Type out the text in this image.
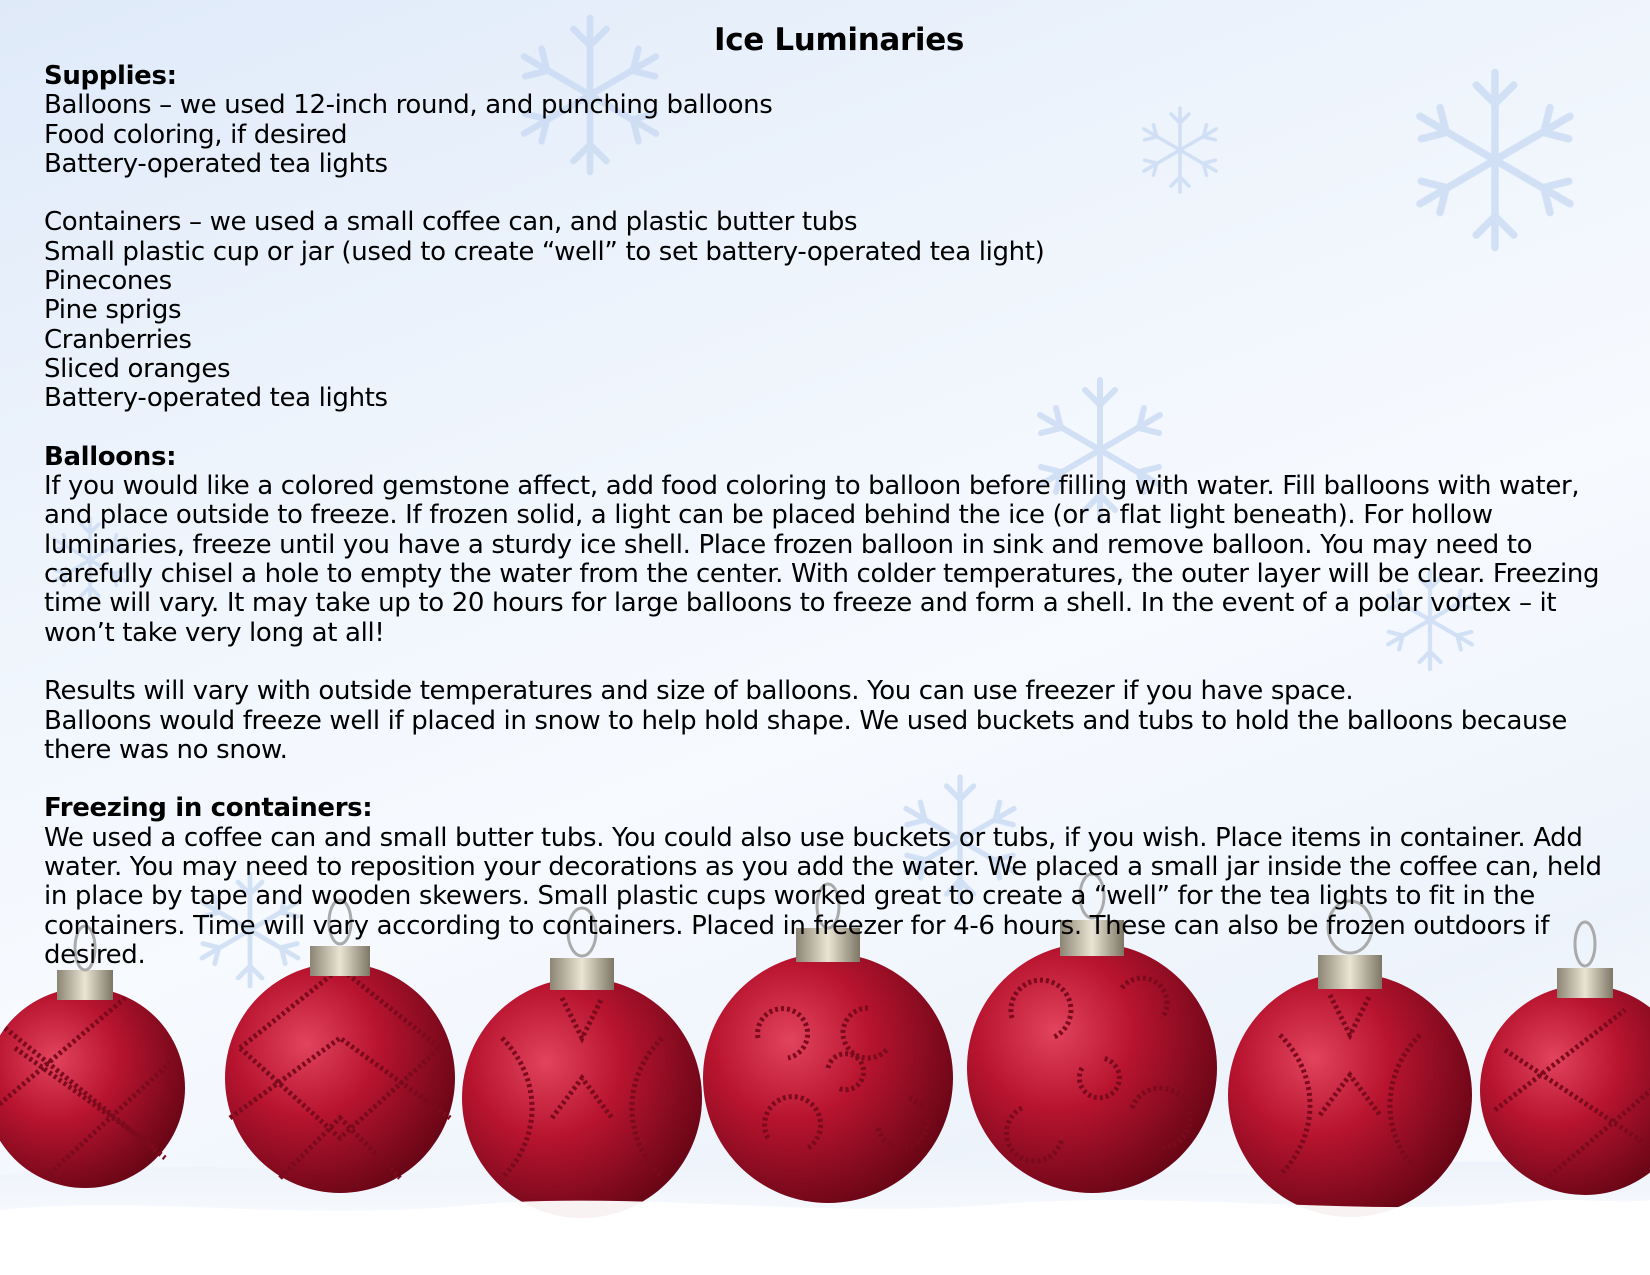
Ice Luminaries
Supplies:
Balloons – we used 12-inch round, and punching balloons
Food coloring, if desired
Battery-operated tea lights
Containers – we used a small coffee can, and plastic butter tubs
Small plastic cup or jar (used to create “well” to set battery-operated tea light)
Pinecones
Pine sprigs
Cranberries
Sliced oranges
Battery-operated tea lights
Balloons:

If you would like a colored gemstone affect, add food coloring to balloon before filling with water. Fill balloons with water, and place outside to freeze. If frozen solid, a light can be placed behind the ice (or a flat light beneath). For hollow luminaries, freeze until you have a sturdy ice shell. Place frozen balloon in sink and remove balloon. You may need to carefully chisel a hole to empty the water from the center. With colder temperatures, the outer layer will be clear. Freezing time will vary. It may take up to 20 hours for large balloons to freeze and form a shell. In the event of a polar vortex – it won’t take very long at all!

Results will vary with outside temperatures and size of balloons. You can use freezer if you have space.

Balloons would freeze well if placed in snow to help hold shape. We used buckets and tubs to hold the balloons because there was no snow.

Freezing in containers:

We used a coffee can and small butter tubs. You could also use buckets or tubs, if you wish. Place items in container. Add water. You may need to reposition your decorations as you add the water. We placed a small jar inside the coffee can, held in place by tape and wooden skewers. Small plastic cups worked great to create a “well” for the tea lights to fit in the containers. Time will vary according to containers. Placed in freezer for 4-6 hours. These can also be frozen outdoors if desired.
